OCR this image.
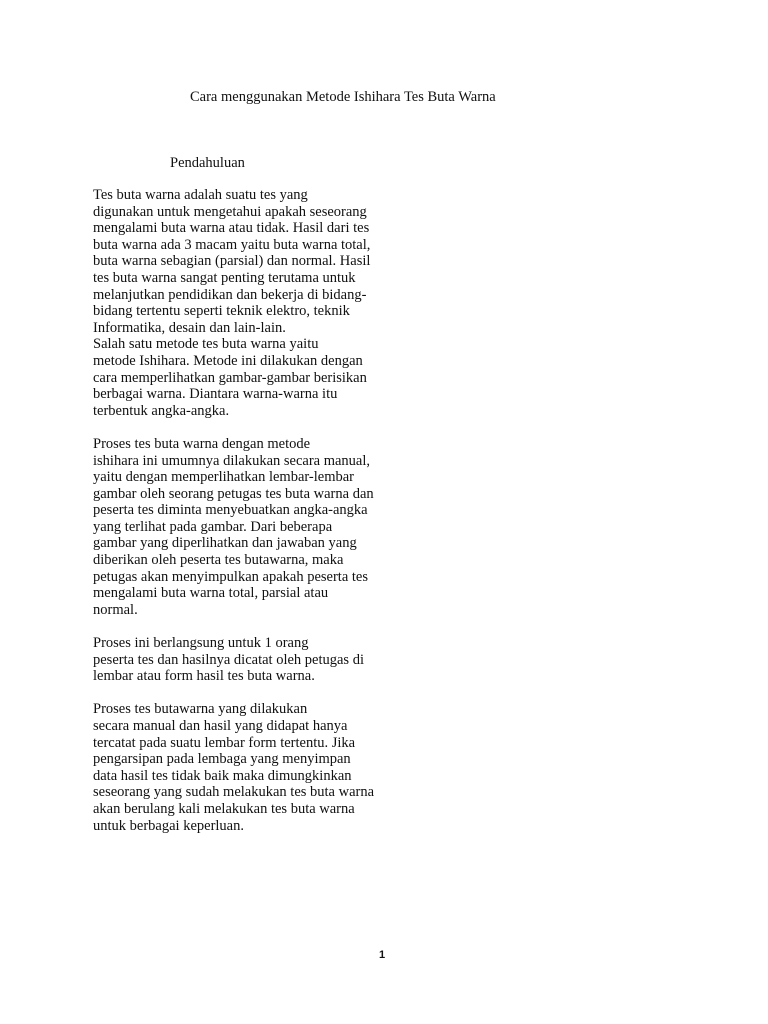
Cara menggunakan Metode Ishihara Tes Buta Warna
Pendahuluan

Tes buta warna adalah suatu tes yang
digunakan untuk mengetahui apakah seseorang
mengalami buta warna atau tidak. Hasil dari tes
buta warna ada 3 macam yaitu buta warna total,
buta warna sebagian (parsial) dan normal. Hasil
tes buta warna sangat penting terutama untuk
melanjutkan pendidikan dan bekerja di bidang-
bidang tertentu seperti teknik elektro, teknik
Informatika, desain dan lain-lain.

Salah satu metode tes buta warna yaitu
metode Ishihara. Metode ini dilakukan dengan
cara memperlihatkan gambar-gambar berisikan
berbagai warna. Diantara warna-warna itu
terbentuk angka-angka.

Proses tes buta warna dengan metode
ishihara ini umumnya dilakukan secara manual,
yaitu dengan memperlihatkan lembar-lembar
gambar oleh seorang petugas tes buta warna dan
peserta tes diminta menyebuatkan angka-angka
yang terlihat pada gambar. Dari beberapa
gambar yang diperlihatkan dan jawaban yang
diberikan oleh peserta tes butawarna, maka
petugas akan menyimpulkan apakah peserta tes
mengalami buta warna total, parsial atau
normal.

Proses ini berlangsung untuk 1 orang
peserta tes dan hasilnya dicatat oleh petugas di
lembar atau form hasil tes buta warna.

Proses tes butawarna yang dilakukan
secara manual dan hasil yang didapat hanya
tercatat pada suatu lembar form tertentu. Jika
pengarsipan pada lembaga yang menyimpan
data hasil tes tidak baik maka dimungkinkan
seseorang yang sudah melakukan tes buta warna
akan berulang kali melakukan tes buta warna
untuk berbagai keperluan.

1
